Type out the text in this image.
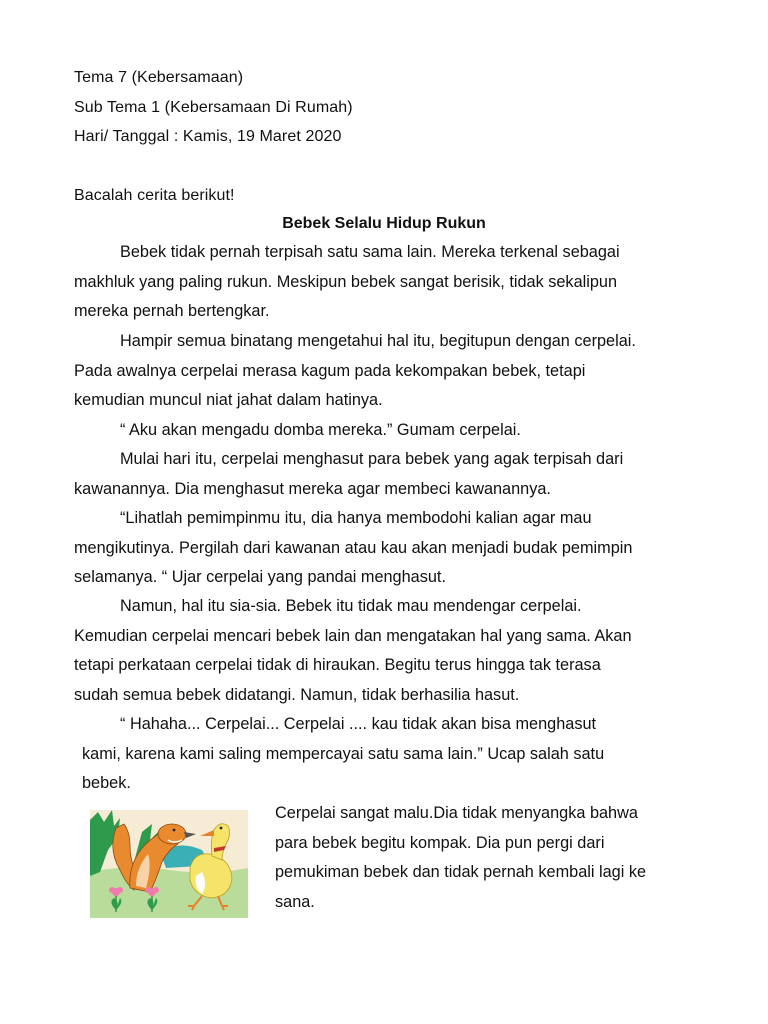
Tema 7 (Kebersamaan)
Sub Tema 1 (Kebersamaan Di Rumah)
Hari/ Tanggal : Kamis, 19 Maret 2020
Bacalah cerita berikut!
Bebek Selalu Hidup Rukun
Bebek tidak pernah terpisah satu sama lain. Mereka terkenal sebagai
makhluk yang paling rukun. Meskipun bebek sangat berisik, tidak sekalipun
mereka pernah bertengkar.
Hampir semua binatang mengetahui hal itu, begitupun dengan cerpelai.
Pada awalnya cerpelai merasa kagum pada kekompakan bebek, tetapi
kemudian muncul niat jahat dalam hatinya.
“ Aku akan mengadu domba mereka.” Gumam cerpelai.
Mulai hari itu, cerpelai menghasut para bebek yang agak terpisah dari
kawanannya. Dia menghasut mereka agar membeci kawanannya.
“Lihatlah pemimpinmu itu, dia hanya membodohi kalian agar mau
mengikutinya. Pergilah dari kawanan atau kau akan menjadi budak pemimpin
selamanya. “ Ujar cerpelai yang pandai menghasut.
Namun, hal itu sia-sia. Bebek itu tidak mau mendengar cerpelai.
Kemudian cerpelai mencari bebek lain dan mengatakan hal yang sama. Akan
tetapi perkataan cerpelai tidak di hiraukan. Begitu terus hingga tak terasa
sudah semua bebek didatangi. Namun, tidak berhasilia hasut.
“ Hahaha... Cerpelai... Cerpelai .... kau tidak akan bisa menghasut
kami, karena kami saling mempercayai satu sama lain.” Ucap salah satu
bebek.
Cerpelai sangat malu.Dia tidak menyangka bahwa
para bebek begitu kompak. Dia pun pergi dari
pemukiman bebek dan tidak pernah kembali lagi ke
sana.
